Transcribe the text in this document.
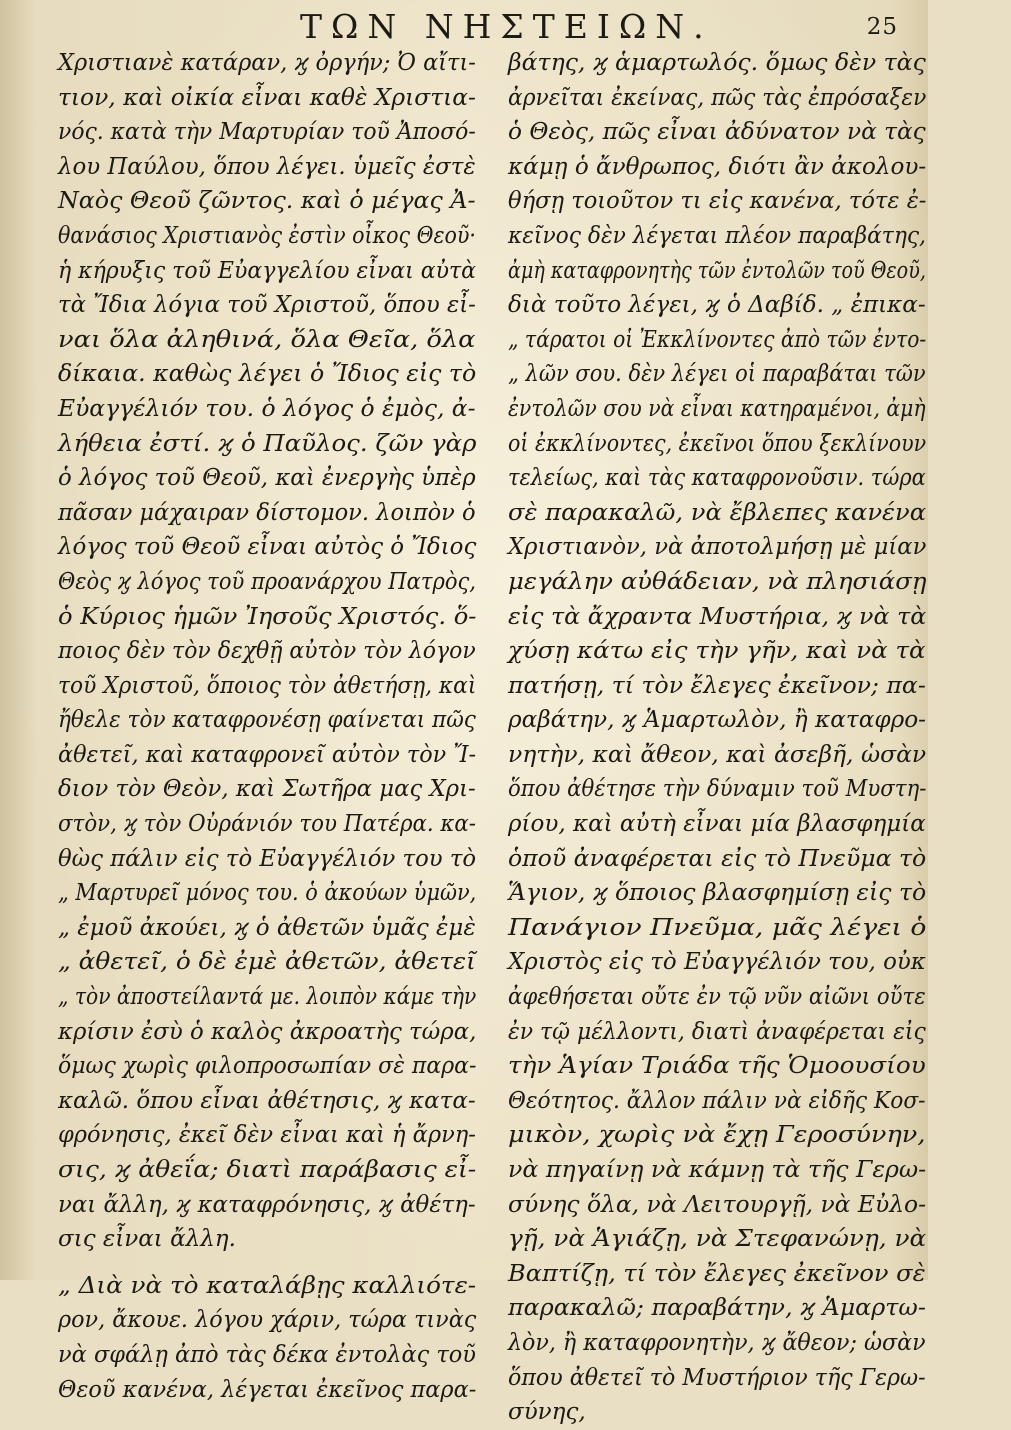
ΤΩΝ ΝΗΣΤΕΙΩΝ.	25
Χριστιανὲ κατάραν, ϗ ὀργήν; Ὀ αἴτι-
τιον, καὶ οἰκία εἶναι καθὲ Χριστια-
νός. κατὰ τὴν Μαρτυρίαν τοῦ Ἀποσό-
λου Παύλου, ὅπου λέγει. ὑμεῖς ἐστὲ
Ναὸς Θεοῦ ζῶντος. καὶ ὁ μέγας Ἀ-
θανάσιος Χριστιανὸς ἐστὶν οἶκος Θεοῦ·
ἡ κήρυξις τοῦ Εὐαγγελίου εἶναι αὐτὰ
τὰ Ἴδια λόγια τοῦ Χριστοῦ, ὅπου εἶ-
ναι ὅλα ἀληθινά, ὅλα Θεῖα, ὅλα
δίκαια. καθὼς λέγει ὁ Ἴδιος εἰς τὸ
Εὐαγγέλιόν του. ὁ λόγος ὁ ἐμὸς, ἀ-
λήθεια ἐστί. ϗ ὁ Παῦλος. ζῶν γὰρ
ὁ λόγος τοῦ Θεοῦ, καὶ ἐνεργὴς ὑπὲρ
πᾶσαν μάχαιραν δίστομον. λοιπὸν ὁ
λόγος τοῦ Θεοῦ εἶναι αὐτὸς ὁ Ἴδιος
Θεὸς ϗ λόγος τοῦ προανάρχου Πατρὸς,
ὁ Κύριος ἡμῶν Ἰησοῦς Χριστός. ὅ-
ποιος δὲν τὸν δεχθῇ αὐτὸν τὸν λόγον
τοῦ Χριστοῦ, ὅποιος τὸν ἀθετήσῃ, καὶ
ἤθελε τὸν καταφρονέσῃ φαίνεται πῶς
ἀθετεῖ, καὶ καταφρονεῖ αὐτὸν τὸν Ἴ-
διον τὸν Θεὸν, καὶ Σωτῆρα μας Χρι-
στὸν, ϗ τὸν Οὐράνιόν του Πατέρα. κα-
θὼς πάλιν εἰς τὸ Εὐαγγέλιόν του τὸ
„ Μαρτυρεῖ μόνος του. ὁ ἀκούων ὑμῶν,
„ ἐμοῦ ἀκούει, ϗ ὁ ἀθετῶν ὑμᾶς ἐμὲ
„ ἀθετεῖ, ὁ δὲ ἐμὲ ἀθετῶν, ἀθετεῖ
„ τὸν ἀποστείλαντά με. λοιπὸν κάμε τὴν
κρίσιν ἐσὺ ὁ καλὸς ἀκροατὴς τώρα,
ὅμως χωρὶς φιλοπροσωπίαν σὲ παρα-
καλῶ. ὅπου εἶναι ἀθέτησις, ϗ κατα-
φρόνησις, ἐκεῖ δὲν εἶναι καὶ ἡ ἄρνη-
σις, ϗ ἀθεΐα; διατὶ παράβασις εἶ-
ναι ἄλλη, ϗ καταφρόνησις, ϗ ἀθέτη-
σις εἶναι ἄλλη.
„ Διὰ νὰ τὸ καταλάβῃς καλλιότε-
ρον, ἄκουε. λόγου χάριν, τώρα τινὰς
νὰ σφάλῃ ἀπὸ τὰς δέκα ἐντολὰς τοῦ
Θεοῦ κανένα, λέγεται ἐκεῖνος παρα-
βάτης, ϗ ἁμαρτωλός. ὅμως δὲν τὰς
ἀρνεῖται ἐκείνας, πῶς τὰς ἐπρόσαξεν
ὁ Θεὸς, πῶς εἶναι ἀδύνατον νὰ τὰς
κάμῃ ὁ ἄνθρωπος, διότι ἂν ἀκολου-
θήσῃ τοιοῦτον τι εἰς κανένα, τότε ἐ-
κεῖνος δὲν λέγεται πλέον παραβάτης,
ἀμὴ καταφρονητὴς τῶν ἐντολῶν τοῦ Θεοῦ,
διὰ τοῦτο λέγει, ϗ ὁ Δαβίδ. „ ἐπικα-
„ τάρατοι οἱ Ἐκκλίνοντες ἀπὸ τῶν ἐντο-
„ λῶν σου. δὲν λέγει οἱ παραβάται τῶν
ἐντολῶν σου νὰ εἶναι κατηραμένοι, ἀμὴ
οἱ ἐκκλίνοντες, ἐκεῖνοι ὅπου ξεκλίνουν
τελείως, καὶ τὰς καταφρονοῦσιν. τώρα
σὲ παρακαλῶ, νὰ ἔβλεπες κανένα
Χριστιανὸν, νὰ ἀποτολμήσῃ μὲ μίαν
μεγάλην αὐθάδειαν, νὰ πλησιάσῃ
εἰς τὰ ἄχραντα Μυστήρια, ϗ νὰ τὰ
χύσῃ κάτω εἰς τὴν γῆν, καὶ νὰ τὰ
πατήσῃ, τί τὸν ἔλεγες ἐκεῖνον; πα-
ραβάτην, ϗ Ἁμαρτωλὸν, ἢ καταφρο-
νητὴν, καὶ ἄθεον, καὶ ἀσεβῆ, ὡσὰν
ὅπου ἀθέτησε τὴν δύναμιν τοῦ Μυστη-
ρίου, καὶ αὐτὴ εἶναι μία βλασφημία
ὁποῦ ἀναφέρεται εἰς τὸ Πνεῦμα τὸ
Ἅγιον, ϗ ὅποιος βλασφημίσῃ εἰς τὸ
Πανάγιον Πνεῦμα, μᾶς λέγει ὁ
Χριστὸς εἰς τὸ Εὐαγγέλιόν του, οὐκ
ἀφεθήσεται οὔτε ἐν τῷ νῦν αἰῶνι οὔτε
ἐν τῷ μέλλοντι, διατὶ ἀναφέρεται εἰς
τὴν Ἁγίαν Τριάδα τῆς Ὁμοουσίου
Θεότητος. ἄλλον πάλιν νὰ εἰδῆς Κοσ-
μικὸν, χωρὶς νὰ ἔχῃ Γεροσύνην,
νὰ πηγαίνῃ νὰ κάμνῃ τὰ τῆς Γερω-
σύνης ὅλα, νὰ Λειτουργῇ, νὰ Εὐλο-
γῇ, νὰ Ἁγιάζῃ, νὰ Στεφανώνῃ, νὰ
Βαπτίζῃ, τί τὸν ἔλεγες ἐκεῖνον σὲ
παρακαλῶ; παραβάτην, ϗ Ἁμαρτω-
λὸν, ἢ καταφρονητὴν, ϗ ἄθεον; ὡσὰν
ὅπου ἀθετεῖ τὸ Μυστήριον τῆς Γερω-
σύνης,
